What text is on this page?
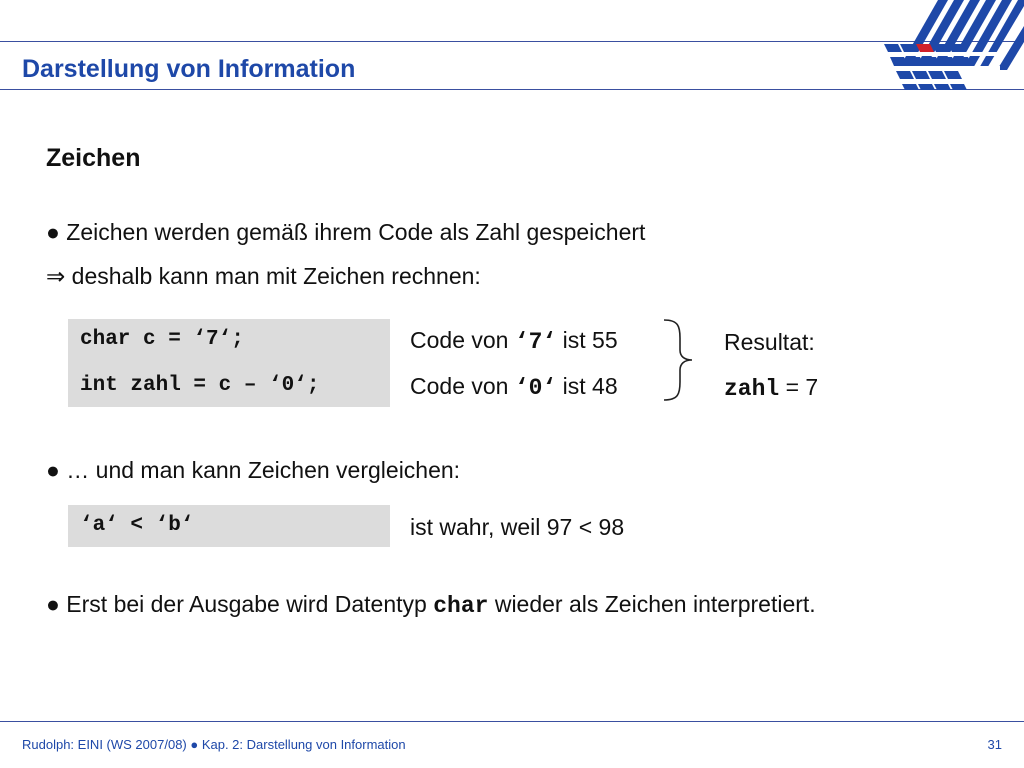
Darstellung von Information
Zeichen
● Zeichen werden gemäß ihrem Code als Zahl gespeichert
⇒ deshalb kann man mit Zeichen rechnen:
char c = ‘7‘;
int zahl = c – ‘0‘;
Code von ‘7‘ ist 55
Code von ‘0‘ ist 48
Resultat:
zahl = 7
● … und man kann Zeichen vergleichen:
‘a‘ < ‘b‘	ist wahr, weil 97 < 98
● Erst bei der Ausgabe wird Datentyp char wieder als Zeichen interpretiert.
Rudolph: EINI (WS 2007/08) ● Kap. 2: Darstellung von Information	31
